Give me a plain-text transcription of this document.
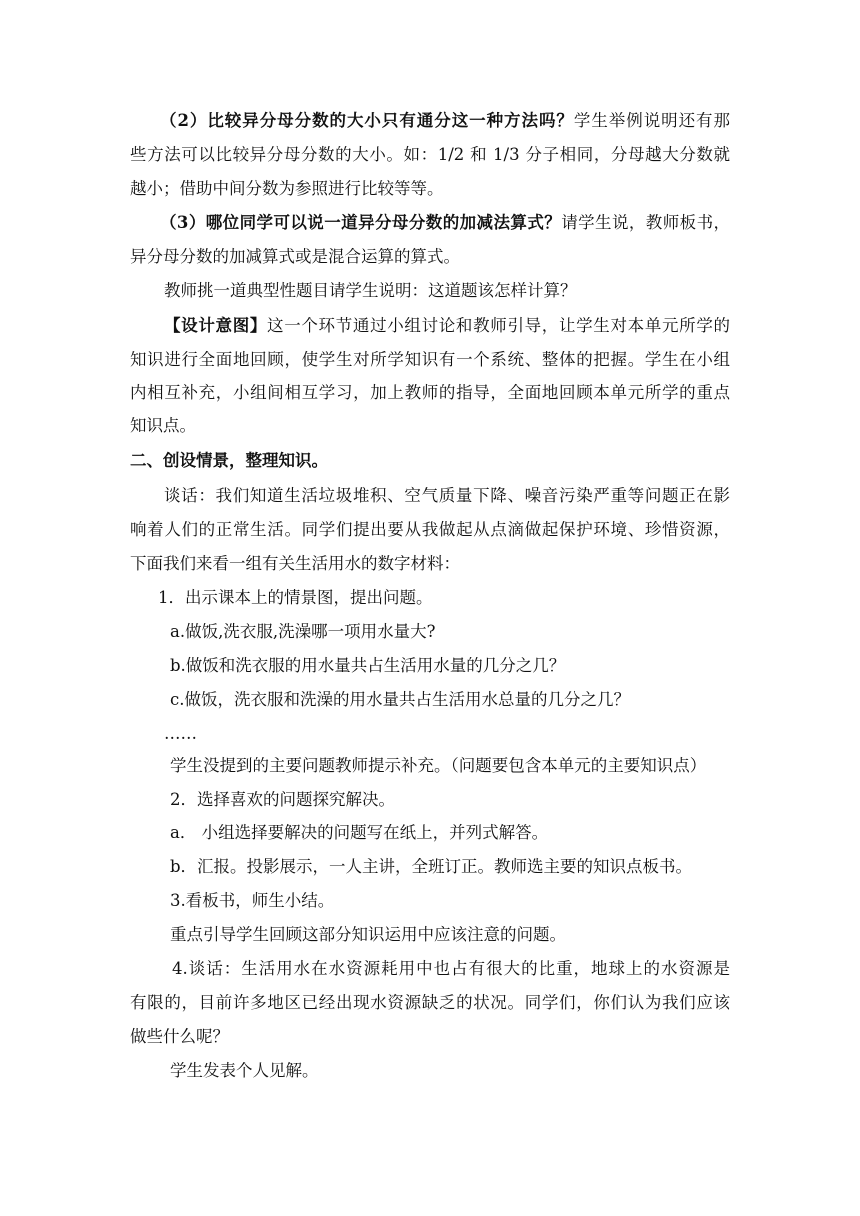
（2）比较异分母分数的大小只有通分这一种方法吗？学生举例说明还有那
些方法可以比较异分母分数的大小。如：1/2 和 1/3 分子相同，分母越大分数就
越小；借助中间分数为参照进行比较等等。
（3）哪位同学可以说一道异分母分数的加减法算式？请学生说，教师板书，
异分母分数的加减算式或是混合运算的算式。
教师挑一道典型性题目请学生说明：这道题该怎样计算？
【设计意图】这一个环节通过小组讨论和教师引导，让学生对本单元所学的
知识进行全面地回顾，使学生对所学知识有一个系统、整体的把握。学生在小组
内相互补充，小组间相互学习，加上教师的指导，全面地回顾本单元所学的重点
知识点。
二、创设情景，整理知识。
谈话：我们知道生活垃圾堆积、空气质量下降、噪音污染严重等问题正在影
响着人们的正常生活。同学们提出要从我做起从点滴做起保护环境、珍惜资源，
下面我们来看一组有关生活用水的数字材料：
1．出示课本上的情景图，提出问题。
a.做饭,洗衣服,洗澡哪一项用水量大?
b.做饭和洗衣服的用水量共占生活用水量的几分之几？
c.做饭，洗衣服和洗澡的用水量共占生活用水总量的几分之几？
……
学生没提到的主要问题教师提示补充。（问题要包含本单元的主要知识点）
2．选择喜欢的问题探究解决。
a． 小组选择要解决的问题写在纸上，并列式解答。
b．汇报。投影展示，一人主讲，全班订正。教师选主要的知识点板书。
3.看板书，师生小结。
重点引导学生回顾这部分知识运用中应该注意的问题。
4.谈话：生活用水在水资源耗用中也占有很大的比重，地球上的水资源是
有限的，目前许多地区已经出现水资源缺乏的状况。同学们，你们认为我们应该
做些什么呢？
学生发表个人见解。
